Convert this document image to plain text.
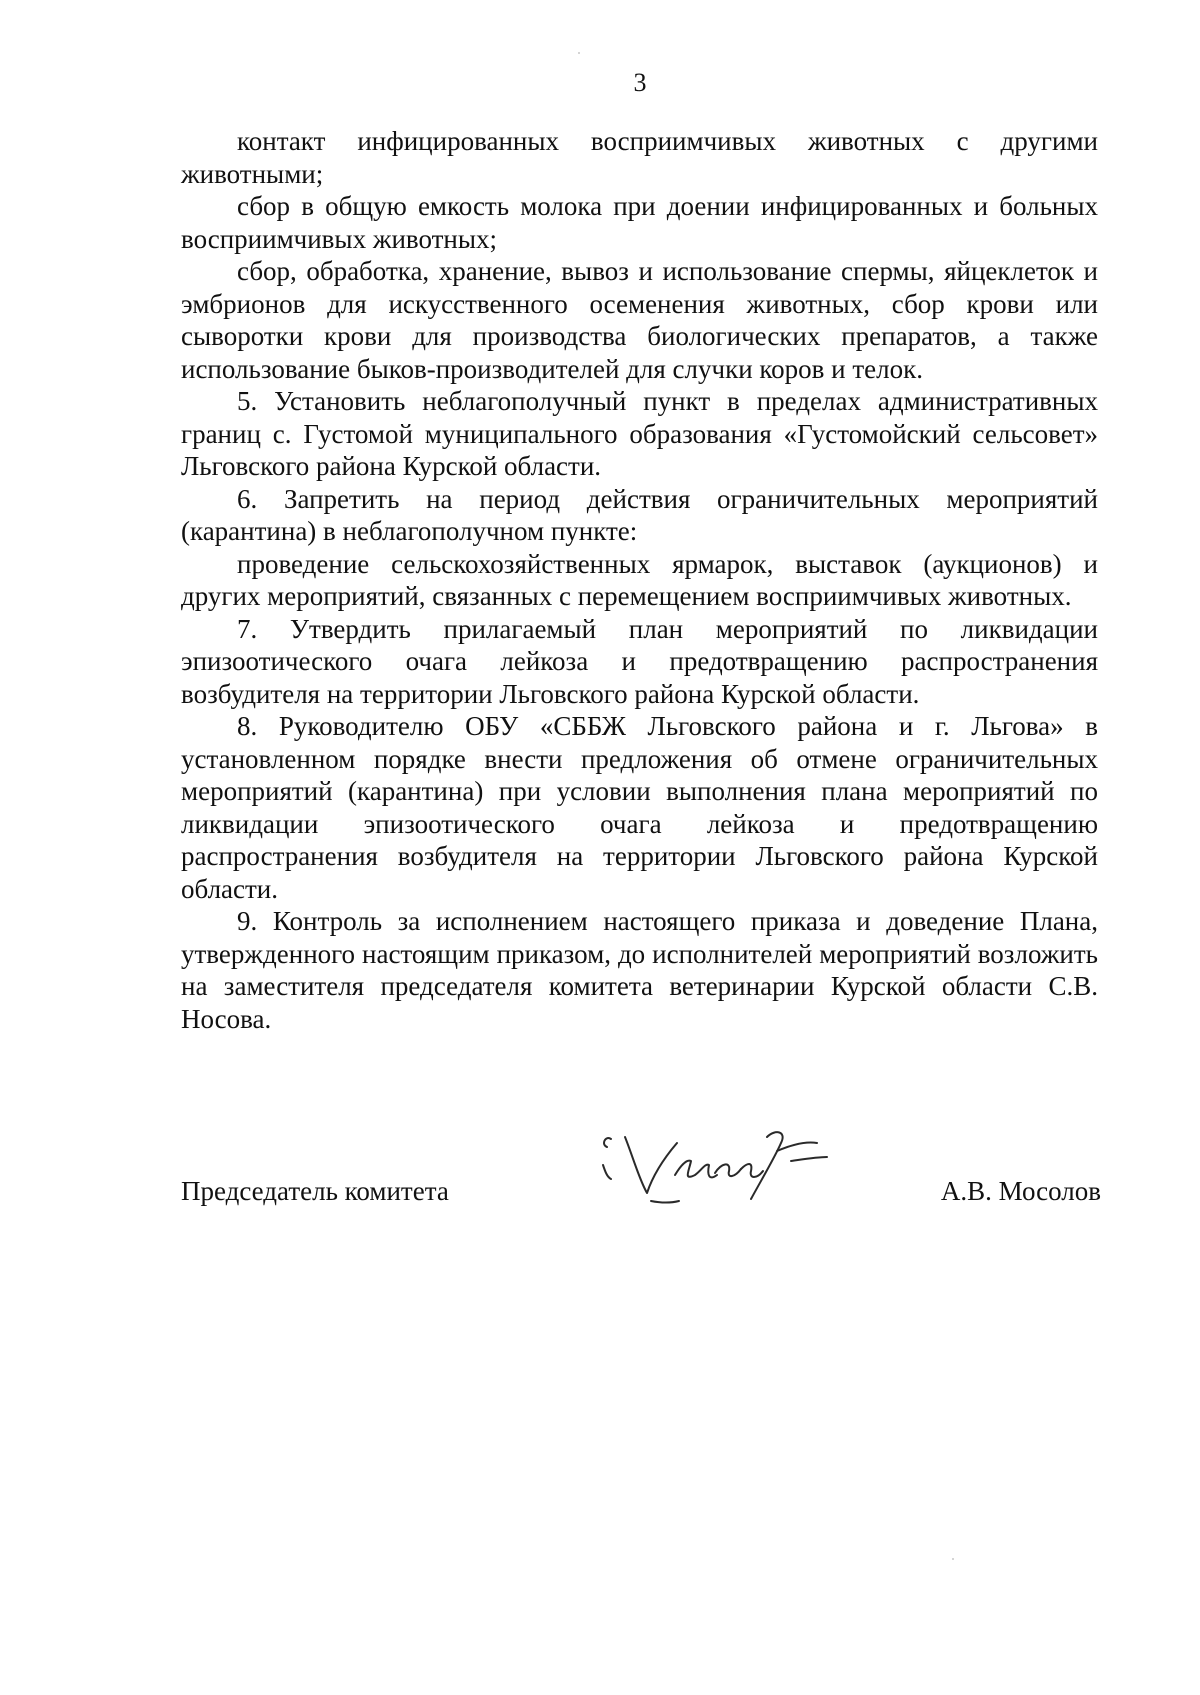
3

контакт инфицированных восприимчивых животных с другими животными;

сбор в общую емкость молока при доении инфицированных и больных восприимчивых животных;

сбор, обработка, хранение, вывоз и использование спермы, яйцеклеток и эмбрионов для искусственного осеменения животных, сбор крови или сыворотки крови для производства биологических препаратов, а также использование быков-производителей для случки коров и телок.

5. Установить неблагополучный пункт в пределах административных границ с. Густомой муниципального образования «Густомойский сельсовет» Льговского района Курской области.

6. Запретить на период действия ограничительных мероприятий (карантина) в неблагополучном пункте:

проведение сельскохозяйственных ярмарок, выставок (аукционов) и других мероприятий, связанных с перемещением восприимчивых животных.

7. Утвердить прилагаемый план мероприятий по ликвидации эпизоотического очага лейкоза и предотвращению распространения возбудителя на территории Льговского района Курской области.

8. Руководителю ОБУ «СББЖ Льговского района и г. Льгова» в установленном порядке внести предложения об отмене ограничительных мероприятий (карантина) при условии выполнения плана мероприятий по ликвидации эпизоотического очага лейкоза и предотвращению распространения возбудителя на территории Льговского района Курской области.

9. Контроль за исполнением настоящего приказа и доведение Плана, утвержденного настоящим приказом, до исполнителей мероприятий возложить на заместителя председателя комитета ветеринарии Курской области С.В. Носова.

Председатель комитета	А.В. Мосолов
